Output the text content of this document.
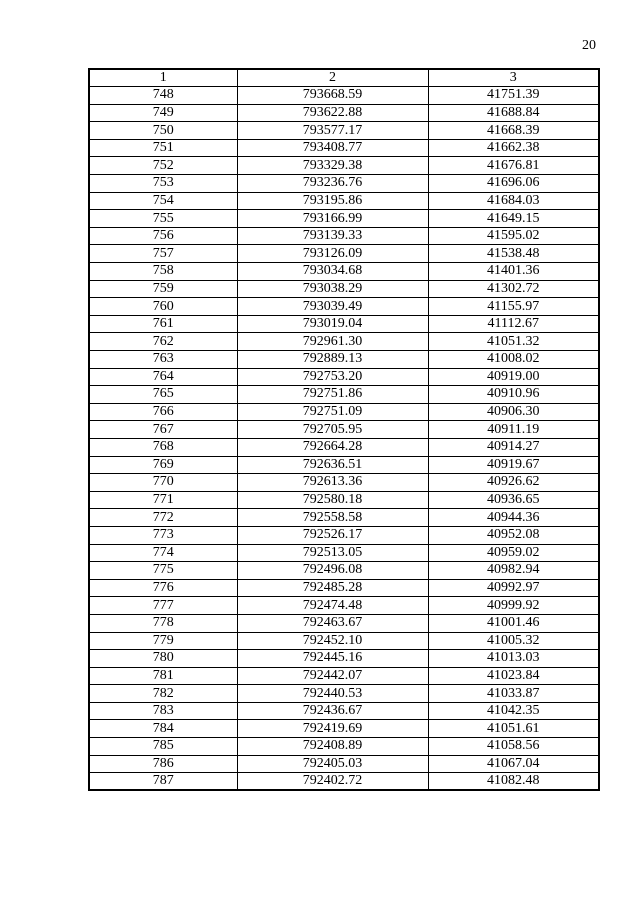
20
1	2	3
748	793668.59	41751.39
749	793622.88	41688.84
750	793577.17	41668.39
751	793408.77	41662.38
752	793329.38	41676.81
753	793236.76	41696.06
754	793195.86	41684.03
755	793166.99	41649.15
756	793139.33	41595.02
757	793126.09	41538.48
758	793034.68	41401.36
759	793038.29	41302.72
760	793039.49	41155.97
761	793019.04	41112.67
762	792961.30	41051.32
763	792889.13	41008.02
764	792753.20	40919.00
765	792751.86	40910.96
766	792751.09	40906.30
767	792705.95	40911.19
768	792664.28	40914.27
769	792636.51	40919.67
770	792613.36	40926.62
771	792580.18	40936.65
772	792558.58	40944.36
773	792526.17	40952.08
774	792513.05	40959.02
775	792496.08	40982.94
776	792485.28	40992.97
777	792474.48	40999.92
778	792463.67	41001.46
779	792452.10	41005.32
780	792445.16	41013.03
781	792442.07	41023.84
782	792440.53	41033.87
783	792436.67	41042.35
784	792419.69	41051.61
785	792408.89	41058.56
786	792405.03	41067.04
787	792402.72	41082.48
